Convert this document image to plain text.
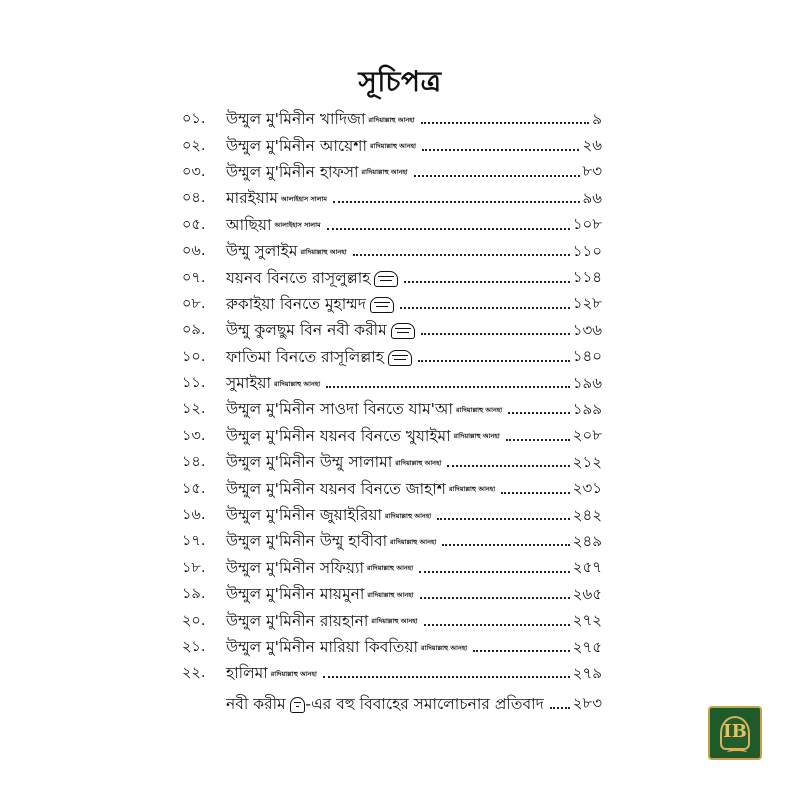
সূচিপত্র
০১.	উম্মুল মু'মিনীন খাদিজা রাদিয়াল্লাহু আনহা	৯
০২.	উম্মুল মু'মিনীন আয়েশা রাদিয়াল্লাহু আনহা	২৬
০৩.	উম্মুল মু'মিনীন হাফসা রাদিয়াল্লাহু আনহা	৮৩
০৪.	মারইয়াম আলাইহাস সালাম	৯৬
০৫.	আছিয়া আলাইহাস সালাম	১০৮
০৬.	উম্মু সুলাইম রাদিয়াল্লাহু আনহা	১১০
০৭.	যয়নব বিনতে রাসূলুল্লাহ	১১৪
০৮.	রুকাইয়া বিনতে মুহাম্মদ	১২৮
০৯.	উম্মু কুলছুম বিন নবী করীম	১৩৬
১০.	ফাতিমা বিনতে রাসূলিল্লাহ	১৪০
১১.	সুমাইয়া রাদিয়াল্লাহু আনহা	১৯৬
১২.	উম্মুল মু'মিনীন সাওদা বিনতে যাম'আ রাদিয়াল্লাহু আনহা	১৯৯
১৩.	উম্মুল মু'মিনীন যয়নব বিনতে খুযাইমা রাদিয়াল্লাহু আনহা	২০৮
১৪.	উম্মুল মু'মিনীন উম্মু সালামা রাদিয়াল্লাহু আনহা	২১২
১৫.	উম্মুল মু'মিনীন যয়নব বিনতে জাহাশ রাদিয়াল্লাহু আনহা	২৩১
১৬.	উম্মুল মু'মিনীন জুয়াইরিয়া রাদিয়াল্লাহু আনহা	২৪২
১৭.	উম্মুল মু'মিনীন উম্মু হাবীবা রাদিয়াল্লাহু আনহা	২৪৯
১৮.	উম্মুল মু'মিনীন সফিয়্যা রাদিয়াল্লাহু আনহা	২৫৭
১৯.	উম্মুল মু'মিনীন মায়মুনা রাদিয়াল্লাহু আনহা	২৬৫
২০.	উম্মুল মু'মিনীন রায়হানা রাদিয়াল্লাহু আনহা	২৭২
২১.	উম্মুল মু'মিনীন মারিয়া কিবতিয়া রাদিয়াল্লাহু আনহা	২৭৫
২২.	হালিমা রাদিয়াল্লাহু আনহা	২৭৯
নবী করীম -এর বহু বিবাহের সমালোচনার প্রতিবাদ ২৮৩
IB
